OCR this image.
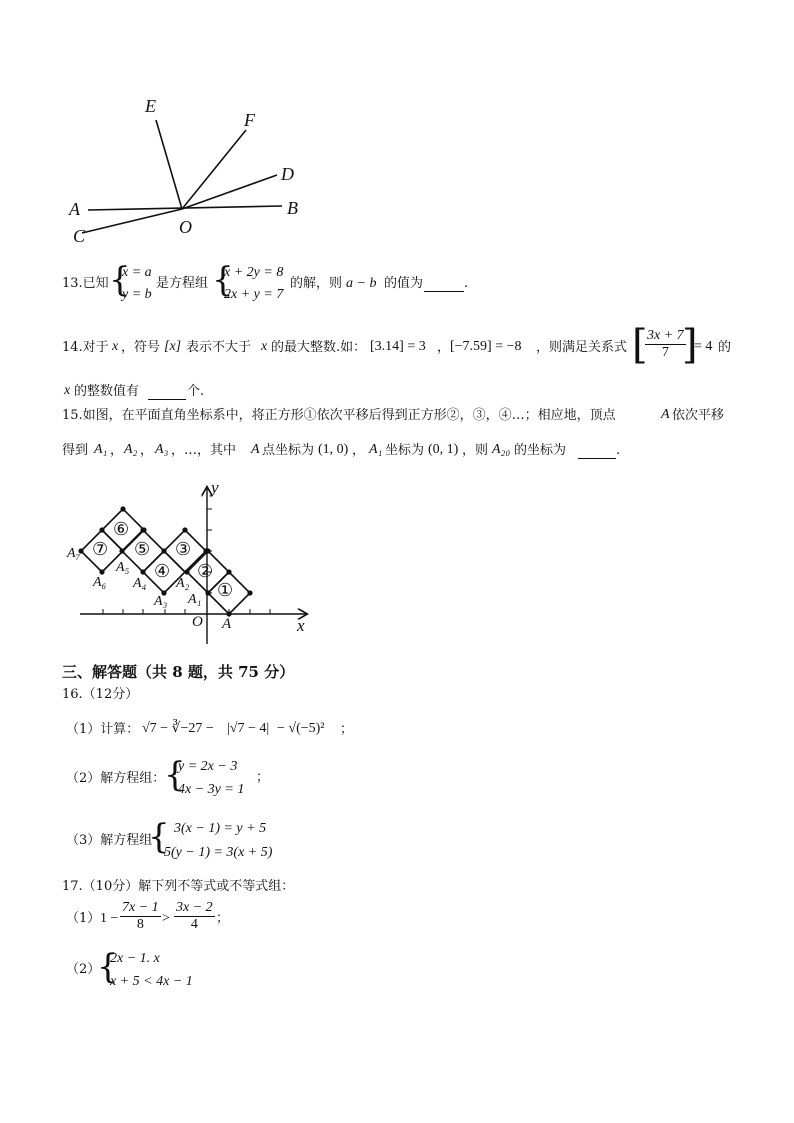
E
F
D
A	B
C	O
13.已知 {
x = a
y = b
是方程组 {
x + 2y = 8
2x + y = 7
的解，则 a − b 的值为	.
14.对于 x ，符号 [x] 表示不大于 x 的最大整数.如： [3.14] = 3 ， [−7.59] = −8 ，则满足关系式 [
$\frac{3x + 7}{7}$
]
= 4 的
x 的整数值有	个.
15.如图，在平面直角坐标系中，将正方形①依次平移后得到正方形②，③，④…；相应地，顶点	A 依次平移
得到 A₁ ， A₂ ， A₃ ，…，其中 A 点坐标为 (1, 0) ， A₁ 坐标为 (0, 1) ，则 A₂₀ 的坐标为	.
①
②
③
④
⑤
⑥
⑦
y
x
O A
A₁
A₂
A₃
A₄
A₅
A₆
A₇
三、解答题（共 8 题，共 75 分）
16.（12分）
（1）计算： √7 − ∛−27 − |√7 − 4| − √(−5)² ；
（2）解方程组：
{
y = 2x − 3
4x − 3y = 1
；
（3）解方程组
{ 3(x − 1) = y + 5
5(y − 1) = 3(x + 5)
17.（10分）解下列不等式或不等式组：
（1） $1 - \frac{7x - 1}{8} > \frac{3x - 2}{4}$ ；
（2）
{
2x − 1. x
x + 5 < 4x − 1
